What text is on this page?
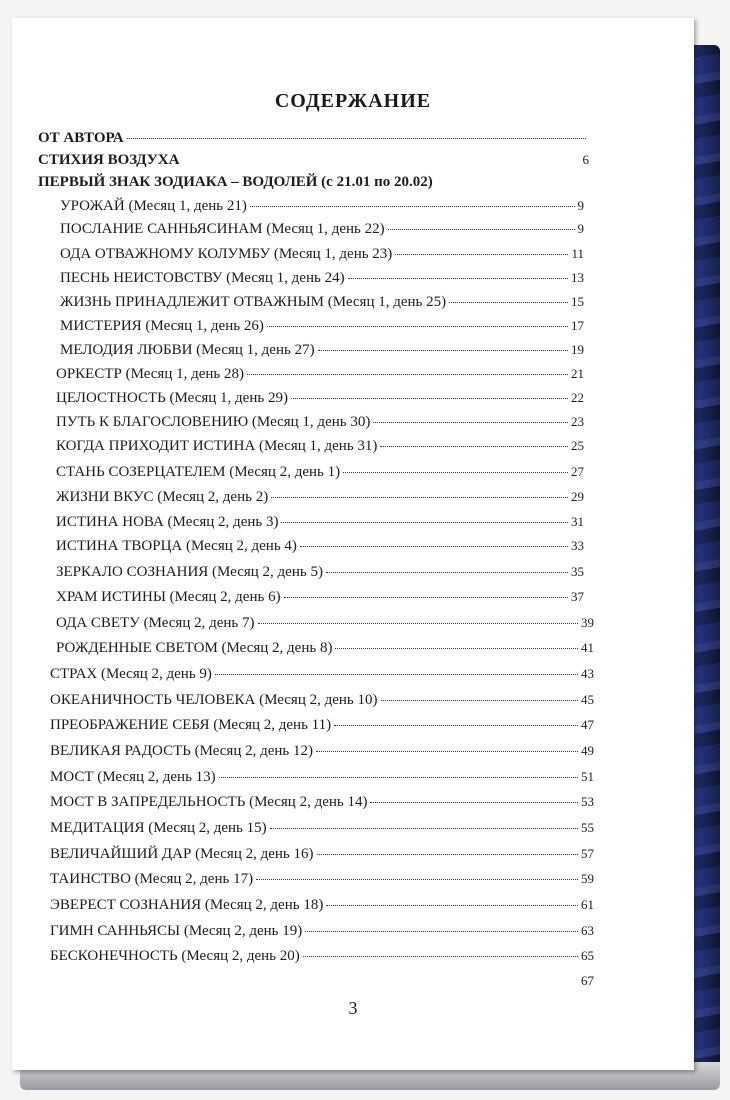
СОДЕРЖАНИЕ
ОТ АВТОРА
СТИХИЯ ВОЗДУХА	6
ПЕРВЫЙ ЗНАК ЗОДИАКА – ВОДОЛЕЙ (с 21.01 по 20.02)
УРОЖАЙ (Месяц 1, день 21)	9
ПОСЛАНИЕ САННЬЯСИНАМ (Месяц 1, день 22)	9
ОДА ОТВАЖНОМУ КОЛУМБУ (Месяц 1, день 23)	11
ПЕСНЬ НЕИСТОВСТВУ (Месяц 1, день 24)	13
ЖИЗНЬ ПРИНАДЛЕЖИТ ОТВАЖНЫМ (Месяц 1, день 25)	15
МИСТЕРИЯ (Месяц 1, день 26)	17
МЕЛОДИЯ ЛЮБВИ (Месяц 1, день 27)	19
ОРКЕСТР (Месяц 1, день 28)	21
ЦЕЛОСТНОСТЬ (Месяц 1, день 29)	22
ПУТЬ К БЛАГОСЛОВЕНИЮ (Месяц 1, день 30)	23
КОГДА ПРИХОДИТ ИСТИНА (Месяц 1, день 31)	25
СТАНЬ СОЗЕРЦАТЕЛЕМ (Месяц 2, день 1)	27
ЖИЗНИ ВКУС (Месяц 2, день 2)	29
ИСТИНА НОВА (Месяц 2, день 3)	31
ИСТИНА ТВОРЦА (Месяц 2, день 4)	33
ЗЕРКАЛО СОЗНАНИЯ (Месяц 2, день 5)	35
ХРАМ ИСТИНЫ (Месяц 2, день 6)	37
ОДА СВЕТУ (Месяц 2, день 7)	39
РОЖДЕННЫЕ СВЕТОМ (Месяц 2, день 8)	41
СТРАХ (Месяц 2, день 9)	43
ОКЕАНИЧНОСТЬ ЧЕЛОВЕКА (Месяц 2, день 10)	45
ПРЕОБРАЖЕНИЕ СЕБЯ (Месяц 2, день 11)	47
ВЕЛИКАЯ РАДОСТЬ (Месяц 2, день 12)	49
МОСТ (Месяц 2, день 13)	51
МОСТ В ЗАПРЕДЕЛЬНОСТЬ (Месяц 2, день 14)	53
МЕДИТАЦИЯ (Месяц 2, день 15)	55
ВЕЛИЧАЙШИЙ ДАР (Месяц 2, день 16)	57
ТАИНСТВО (Месяц 2, день 17)	59
ЭВЕРЕСТ СОЗНАНИЯ (Месяц 2, день 18)	61
ГИМН САННЬЯСЫ (Месяц 2, день 19)	63
БЕСКОНЕЧНОСТЬ (Месяц 2, день 20)	65
67
3
